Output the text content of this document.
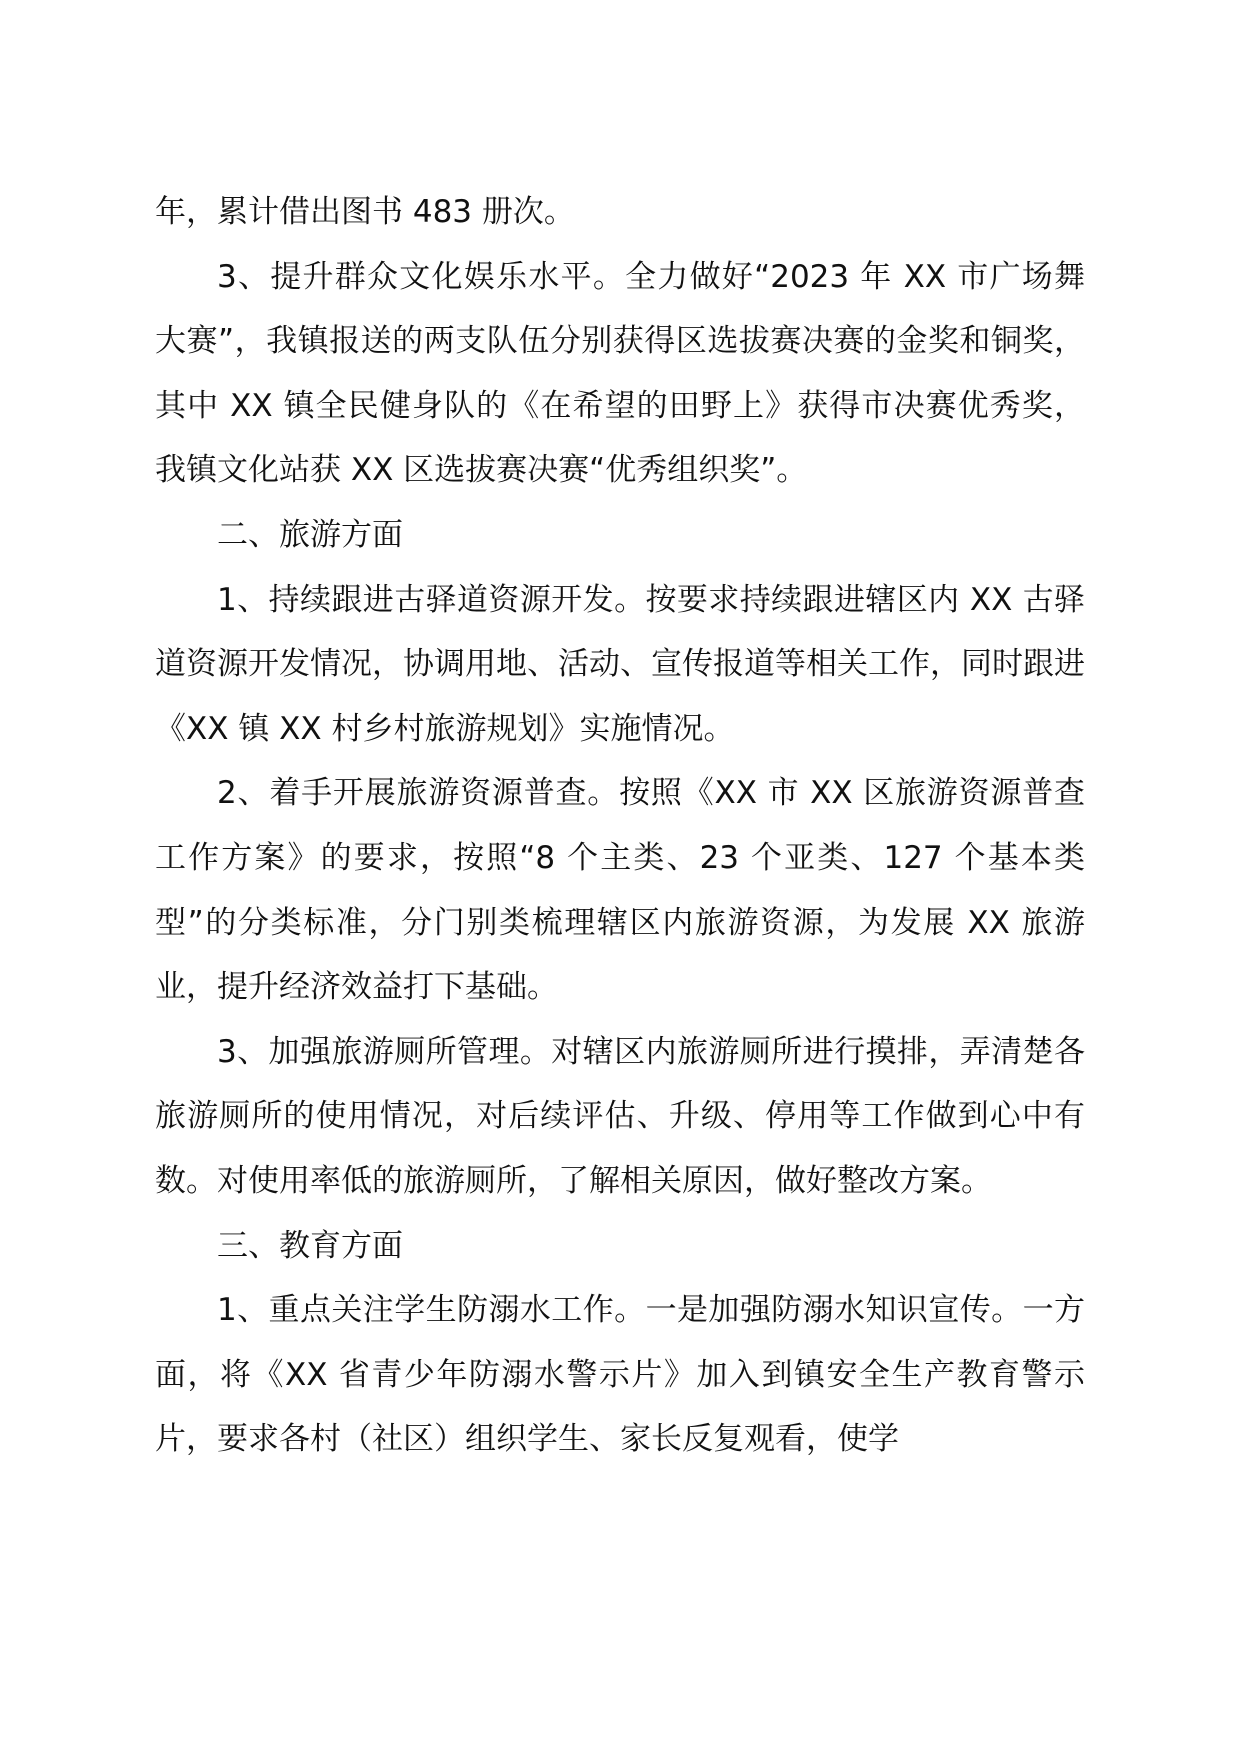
年，累计借出图书 483 册次。

3、提升群众文化娱乐水平。全力做好“2023 年 XX 市广场舞大赛”，我镇报送的两支队伍分别获得区选拔赛决赛的金奖和铜奖，其中 XX 镇全民健身队的《在希望的田野上》获得市决赛优秀奖，我镇文化站获 XX 区选拔赛决赛“优秀组织奖”。

二、旅游方面

1、持续跟进古驿道资源开发。按要求持续跟进辖区内 XX 古驿道资源开发情况，协调用地、活动、宣传报道等相关工作，同时跟进《XX 镇 XX 村乡村旅游规划》实施情况。

2、着手开展旅游资源普查。按照《XX 市 XX 区旅游资源普查工作方案》的要求，按照“8 个主类、23 个亚类、127 个基本类型”的分类标准，分门别类梳理辖区内旅游资源，为发展 XX 旅游业，提升经济效益打下基础。

3、加强旅游厕所管理。对辖区内旅游厕所进行摸排，弄清楚各旅游厕所的使用情况，对后续评估、升级、停用等工作做到心中有数。对使用率低的旅游厕所，了解相关原因，做好整改方案。

三、教育方面

1、重点关注学生防溺水工作。一是加强防溺水知识宣传。一方面，将《XX 省青少年防溺水警示片》加入到镇安全生产教育警示片，要求各村（社区）组织学生、家长反复观看，使学
